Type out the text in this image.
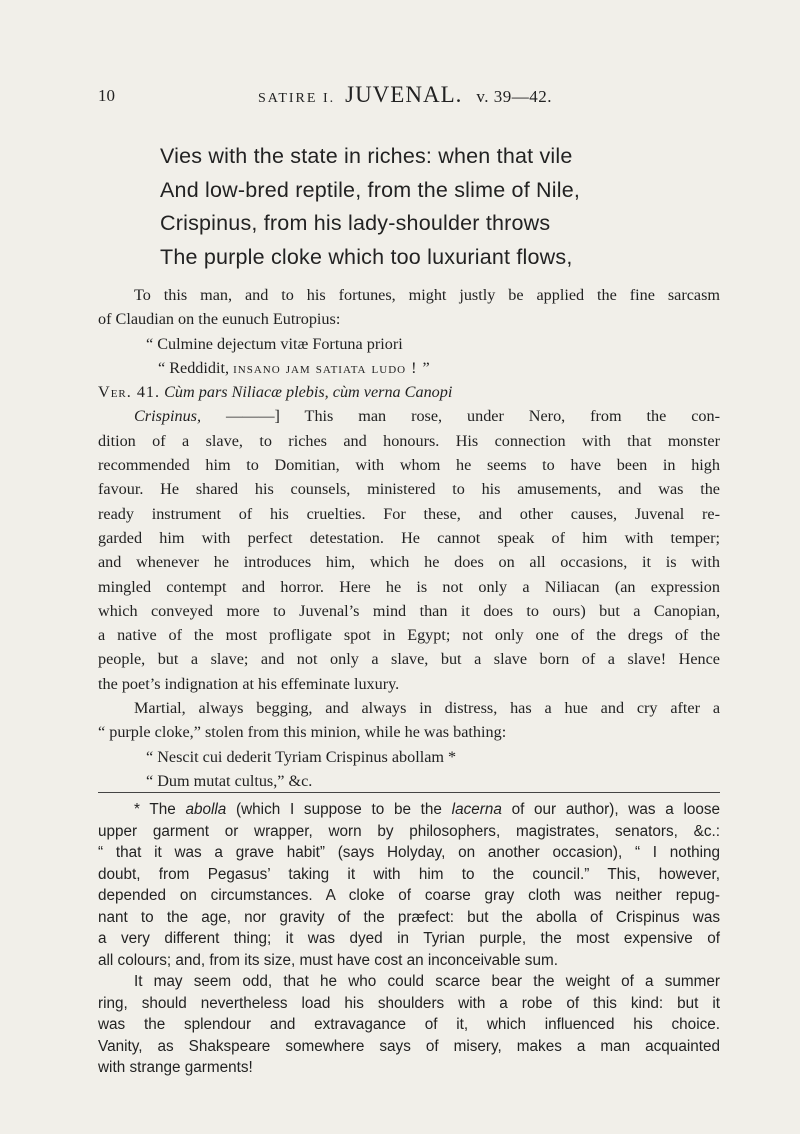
10	SATIRE I. JUVENAL. v. 39—42.
Vies with the state in riches: when that vile
And low-bred reptile, from the slime of Nile,
Crispinus, from his lady-shoulder throws
The purple cloke which too luxuriant flows,

To this man, and to his fortunes, might justly be applied the fine sarcasm

of Claudian on the eunuch Eutropius:

“ Culmine dejectum vitæ Fortuna priori

“ Reddidit, insano jam satiata ludo ! ”

Ver. 41. Cùm pars Niliacæ plebis, cùm verna Canopi

Crispinus, ———] This man rose, under Nero, from the con-

dition of a slave, to riches and honours. His connection with that monster

recommended him to Domitian, with whom he seems to have been in high

favour. He shared his counsels, ministered to his amusements, and was the

ready instrument of his cruelties. For these, and other causes, Juvenal re-

garded him with perfect detestation. He cannot speak of him with temper;

and whenever he introduces him, which he does on all occasions, it is with

mingled contempt and horror. Here he is not only a Niliacan (an expression

which conveyed more to Juvenal’s mind than it does to ours) but a Canopian,

a native of the most profligate spot in Egypt; not only one of the dregs of the

people, but a slave; and not only a slave, but a slave born of a slave! Hence

the poet’s indignation at his effeminate luxury.

Martial, always begging, and always in distress, has a hue and cry after a

“ purple cloke,” stolen from this minion, while he was bathing:

“ Nescit cui dederit Tyriam Crispinus abollam *

“ Dum mutat cultus,” &c.

* The abolla (which I suppose to be the lacerna of our author), was a loose

upper garment or wrapper, worn by philosophers, magistrates, senators, &c.:

“ that it was a grave habit” (says Holyday, on another occasion), “ I nothing

doubt, from Pegasus’ taking it with him to the council.” This, however,

depended on circumstances. A cloke of coarse gray cloth was neither repug-

nant to the age, nor gravity of the præfect: but the abolla of Crispinus was

a very different thing; it was dyed in Tyrian purple, the most expensive of

all colours; and, from its size, must have cost an inconceivable sum.

It may seem odd, that he who could scarce bear the weight of a summer

ring, should nevertheless load his shoulders with a robe of this kind: but it

was the splendour and extravagance of it, which influenced his choice.

Vanity, as Shakspeare somewhere says of misery, makes a man acquainted

with strange garments!
